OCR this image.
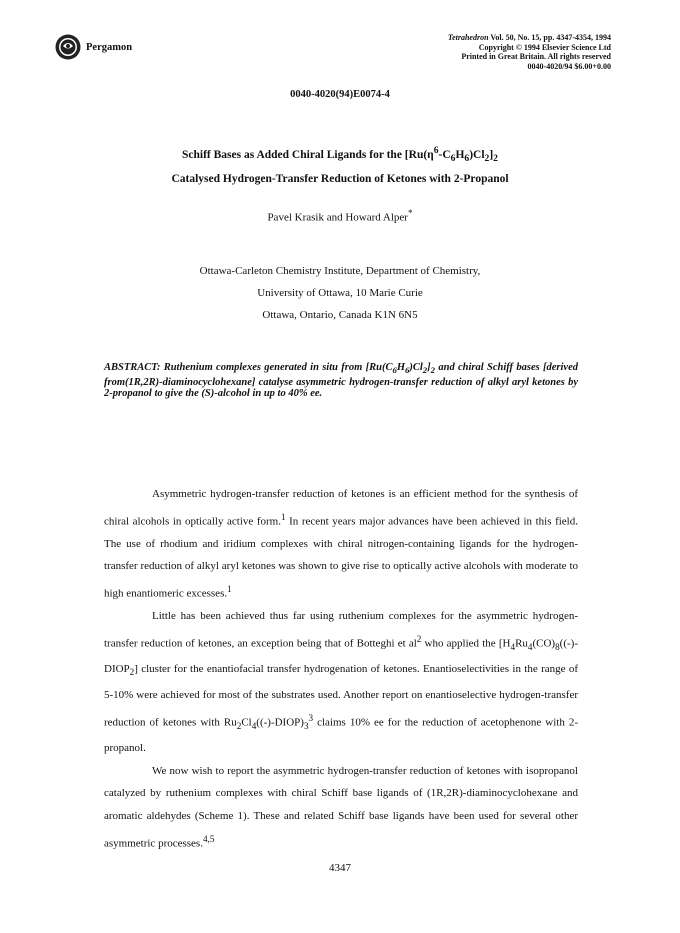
Pergamon
Tetrahedron Vol. 50, No. 15, pp. 4347-4354, 1994
Copyright © 1994 Elsevier Science Ltd
Printed in Great Britain. All rights reserved
0040-4020/94 $6.00+0.00
0040-4020(94)E0074-4
Schiff Bases as Added Chiral Ligands for the $[Ru(\eta^6-C_6H_6)Cl_2]_2$
Catalysed Hydrogen-Transfer Reduction of Ketones with 2-Propanol
Pavel Krasik and Howard Alper*
Ottawa-Carleton Chemistry Institute, Department of Chemistry,
University of Ottawa, 10 Marie Curie
Ottawa, Ontario, Canada K1N 6N5
ABSTRACT: Ruthenium complexes generated in situ from $[Ru(C_6H_6)Cl_2]_2$ and chiral Schiff bases [derived from(1R,2R)-diaminocyclohexane] catalyse asymmetric hydrogen-transfer reduction of alkyl aryl ketones by 2-propanol to give the (S)-alcohol in up to 40% ee.

Asymmetric hydrogen-transfer reduction of ketones is an efficient method for the synthesis of chiral alcohols in optically active form.$^1$ In recent years major advances have been achieved in this field. The use of rhodium and iridium complexes with chiral nitrogen-containing ligands for the hydrogen-transfer reduction of alkyl aryl ketones was shown to give rise to optically active alcohols with moderate to high enantiomeric excesses.$^1$

Little has been achieved thus far using ruthenium complexes for the asymmetric hydrogen-transfer reduction of ketones, an exception being that of Botteghi et $al^2$ who applied the [$H_4Ru_4(CO)_8((-)-DIOP_2]$ cluster for the enantiofacial transfer hydrogenation of ketones. Enantioselectivities in the range of 5-10% were achieved for most of the substrates used. Another report on enantioselective hydrogen-transfer reduction of ketones with $Ru_2Cl_4((-)-DIOP)_3^3$ claims 10% ee for the reduction of acetophenone with 2-propanol.

We now wish to report the asymmetric hydrogen-transfer reduction of ketones with isopropanol catalyzed by ruthenium complexes with chiral Schiff base ligands of (1R,2R)-diaminocyclohexane and aromatic aldehydes (Scheme 1). These and related Schiff base ligands have been used for several other asymmetric processes.$^{4,5}$

4347
